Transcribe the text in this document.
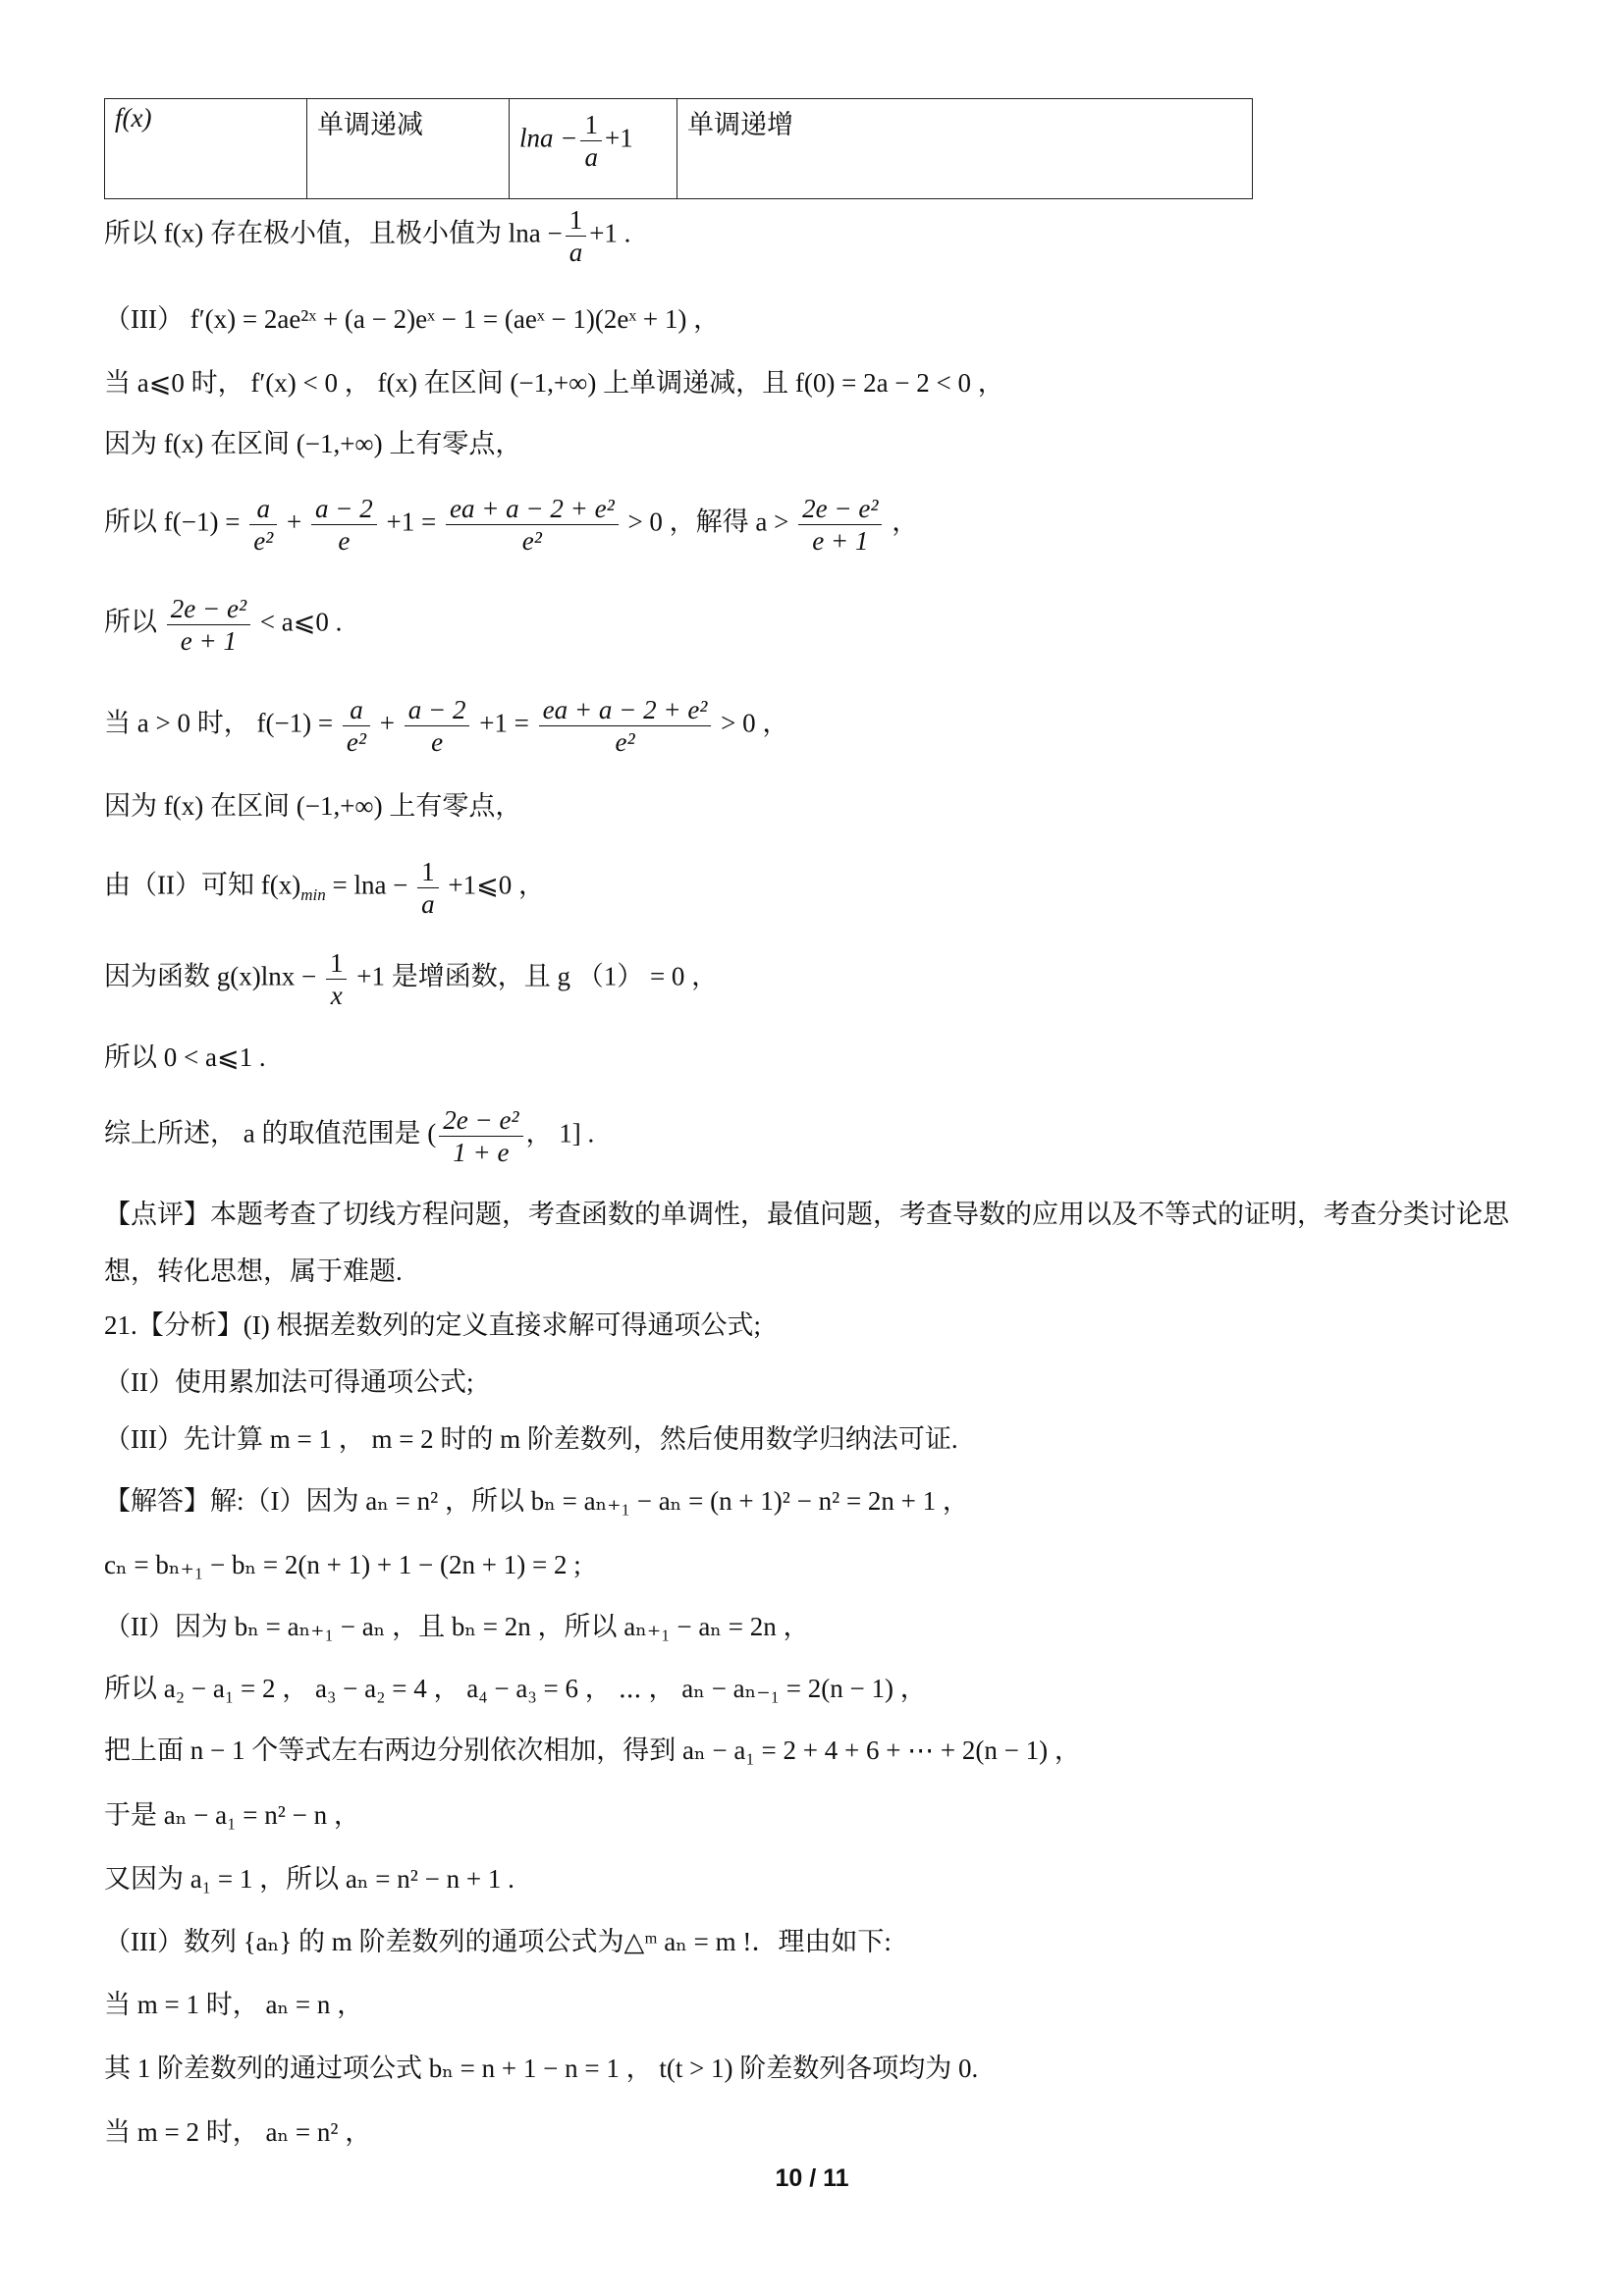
f(x)	单调递减	$\ln a - \frac{1}{a} +1$	单调递增
所以 f(x) 存在极小值，且极小值为 $\ln a - \frac{1}{a} +1$ .
（III） f′(x) = 2ae²ˣ + (a − 2)eˣ − 1 = (aeˣ − 1)(2eˣ + 1) ，
当 a⩽0 时， f′(x) < 0 ， f(x) 在区间 (−1,+∞) 上单调递减，且 f(0) = 2a − 2 < 0 ，
因为 f(x) 在区间 (−1,+∞) 上有零点，
所以 $f(-1) = \frac{a}{\text{e²}} + \frac{a - 2}{e} +1 = \frac{\text{ea + a − 2 + e²}}{\text{e²}} > 0$ ，解得 $a > \frac{\text{2e − e²}}{e + 1}$ ，
所以 $\frac{\text{2e − e²}}{e + 1}$ < a⩽0 .
当 a > 0 时， $f(-1) = \frac{a}{\text{e²}} + \frac{a - 2}{e} +1 = \frac{\text{ea + a − 2 + e²}}{\text{e²}} > 0$ ，
因为 f(x) 在区间 (−1,+∞) 上有零点，
由（II）可知 $f(x)_{min} = \ln a - \frac{1}{a}$ +1⩽0 ，
因为函数 $g(x)\ln x - \frac{1}{x} +1$ 是增函数，且 g （1） = 0 ，
所以 0 < a⩽1 .
综上所述， a 的取值范围是 ( $\frac{\text{2e − e²}}{1 + e}$ ， 1] .
【点评】本题考查了切线方程问题，考查函数的单调性，最值问题，考查导数的应用以及不等式的证明，考查分类讨论思想，转化思想，属于难题.
21.【分析】(I) 根据差数列的定义直接求解可得通项公式;
（II）使用累加法可得通项公式;
（III）先计算 m = 1 ， m = 2 时的 m 阶差数列，然后使用数学归纳法可证.
【解答】解:（I）因为 aₙ = n² ，所以 bₙ = aₙ₊₁ − aₙ = (n + 1)² − n² = 2n + 1 ，
cₙ = bₙ₊₁ − bₙ = 2(n + 1) + 1 − (2n + 1) = 2 ;
（II）因为 bₙ = aₙ₊₁ − aₙ ，且 bₙ = 2n ，所以 aₙ₊₁ − aₙ = 2n ，
所以 a₂ − a₁ = 2 ， a₃ − a₂ = 4 ， a₄ − a₃ = 6 ， ⋯ ， aₙ − aₙ₋₁ = 2(n − 1) ，
把上面 n − 1 个等式左右两边分别依次相加，得到 aₙ − a₁ = 2 + 4 + 6 + ⋯ + 2(n − 1) ，
于是 aₙ − a₁ = n² − n ，
又因为 a₁ = 1 ，所以 aₙ = n² − n + 1 .
（III）数列 {aₙ} 的 m 阶差数列的通项公式为△ᵐ aₙ = m !．理由如下:
当 m = 1 时， aₙ = n ，
其 1 阶差数列的通过项公式 bₙ = n + 1 − n = 1 ， t(t > 1) 阶差数列各项均为 0.
当 m = 2 时， aₙ = n² ，
10 / 11
